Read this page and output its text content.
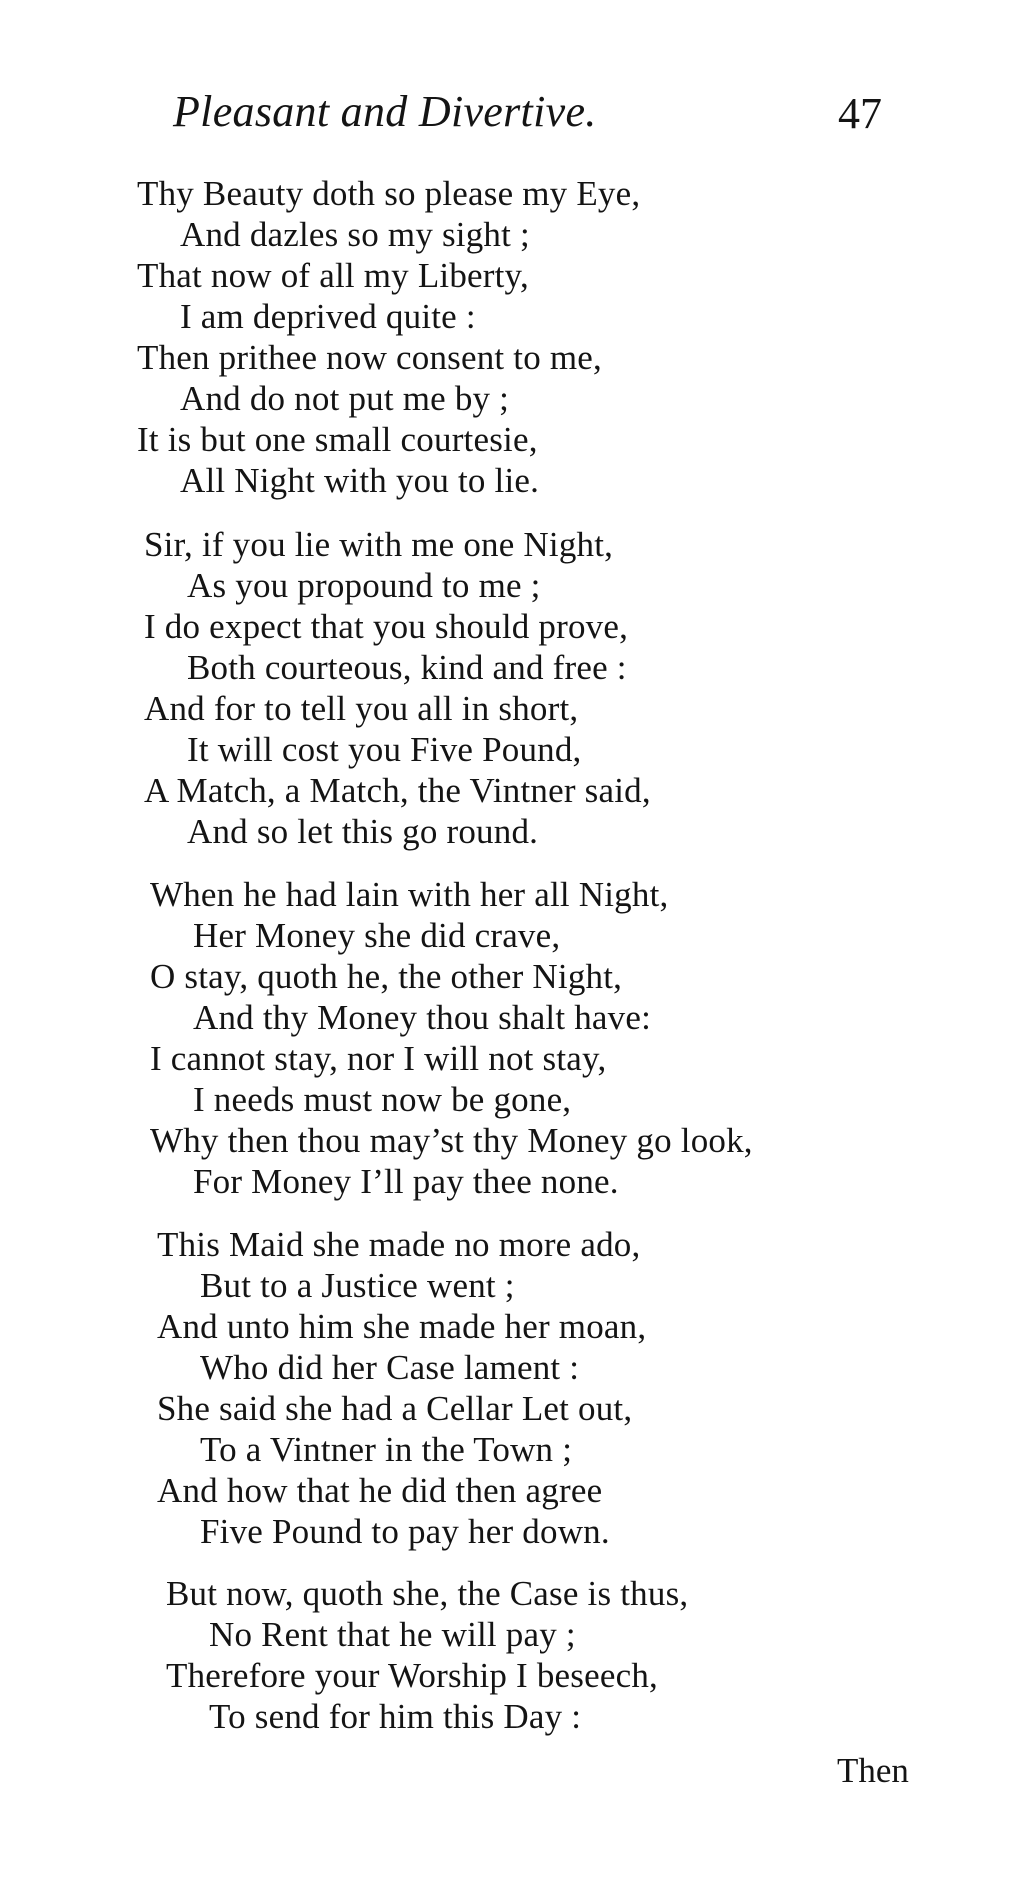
Pleasant and Divertive.	47
Thy Beauty doth so please my Eye,
And dazles so my sight ;
That now of all my Liberty,
I am deprived quite :
Then prithee now consent to me,
And do not put me by ;
It is but one small courtesie,
All Night with you to lie.
Sir, if you lie with me one Night,
As you propound to me ;
I do expect that you should prove,
Both courteous, kind and free :
And for to tell you all in short,
It will cost you Five Pound,
A Match, a Match, the Vintner said,
And so let this go round.
When he had lain with her all Night,
Her Money she did crave,
O stay, quoth he, the other Night,
And thy Money thou shalt have:
I cannot stay, nor I will not stay,
I needs must now be gone,
Why then thou may’st thy Money go look,
For Money I’ll pay thee none.
This Maid she made no more ado,
But to a Justice went ;
And unto him she made her moan,
Who did her Case lament :
She said she had a Cellar Let out,
To a Vintner in the Town ;
And how that he did then agree
Five Pound to pay her down.
But now, quoth she, the Case is thus,
No Rent that he will pay ;
Therefore your Worship I beseech,
To send for him this Day :
Then
